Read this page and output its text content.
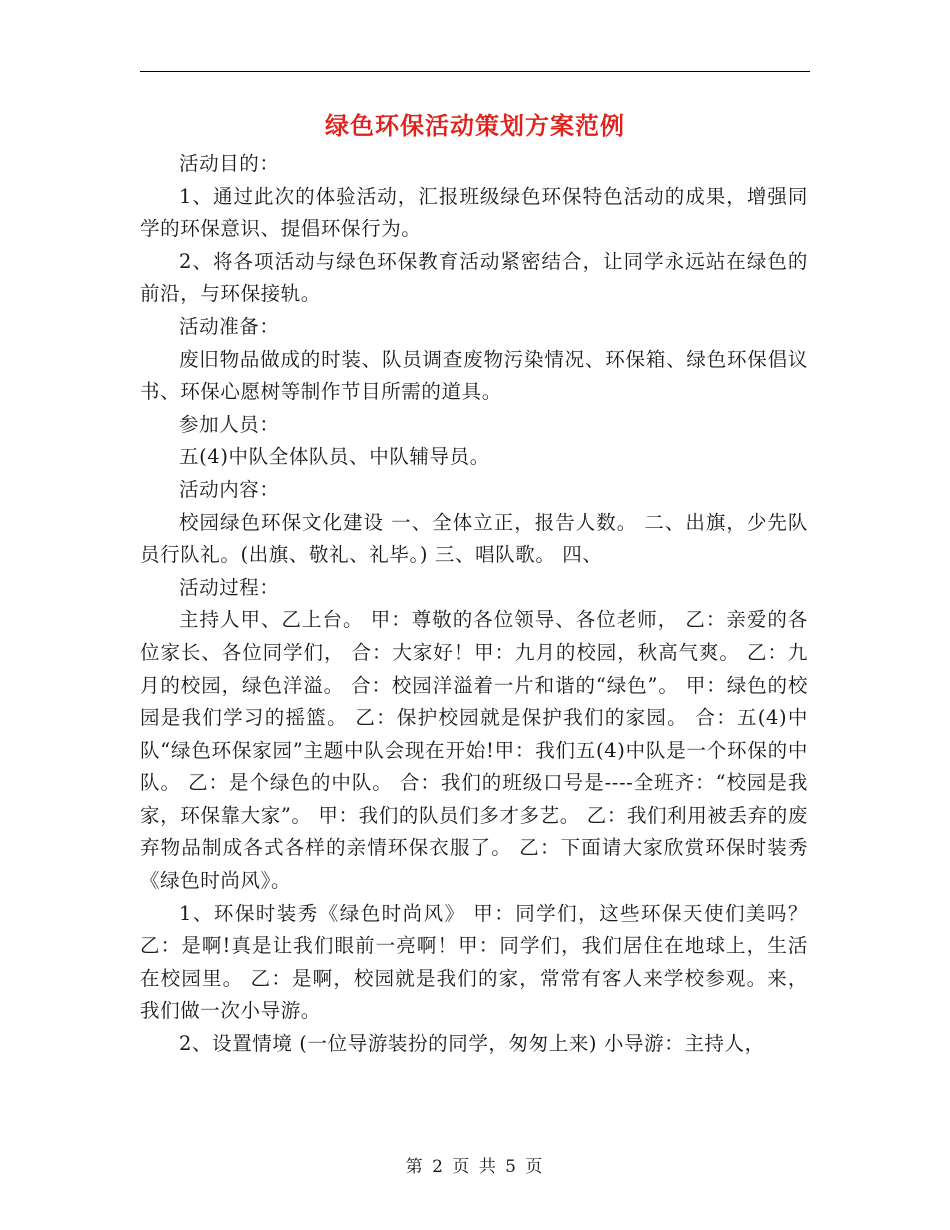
绿色环保活动策划方案范例

活动目的：

1、通过此次的体验活动，汇报班级绿色环保特色活动的成果，增强同学的环保意识、提倡环保行为。

2、将各项活动与绿色环保教育活动紧密结合，让同学永远站在绿色的前沿，与环保接轨。

活动准备：

废旧物品做成的时装、队员调查废物污染情况、环保箱、绿色环保倡议书、环保心愿树等制作节目所需的道具。

参加人员：

五(4)中队全体队员、中队辅导员。

活动内容：

校园绿色环保文化建设 一、全体立正，报告人数。 二、出旗，少先队员行队礼。(出旗、敬礼、礼毕。) 三、唱队歌。 四、

活动过程：

主持人甲、乙上台。 甲：尊敬的各位领导、各位老师， 乙：亲爱的各位家长、各位同学们， 合：大家好！甲：九月的校园，秋高气爽。 乙：九月的校园，绿色洋溢。 合：校园洋溢着一片和谐的“绿色”。 甲：绿色的校园是我们学习的摇篮。 乙：保护校园就是保护我们的家园。 合：五(4)中队“绿色环保家园”主题中队会现在开始!甲：我们五(4)中队是一个环保的中队。 乙：是个绿色的中队。 合：我们的班级口号是----全班齐：“校园是我家，环保靠大家”。 甲：我们的队员们多才多艺。 乙：我们利用被丢弃的废弃物品制成各式各样的亲情环保衣服了。 乙：下面请大家欣赏环保时装秀《绿色时尚风》。

1、环保时装秀《绿色时尚风》 甲：同学们，这些环保天使们美吗？乙：是啊!真是让我们眼前一亮啊！甲：同学们，我们居住在地球上，生活在校园里。 乙：是啊，校园就是我们的家，常常有客人来学校参观。来，我们做一次小导游。

2、设置情境 (一位导游装扮的同学，匆匆上来) 小导游：主持人，

第 2 页 共 5 页
